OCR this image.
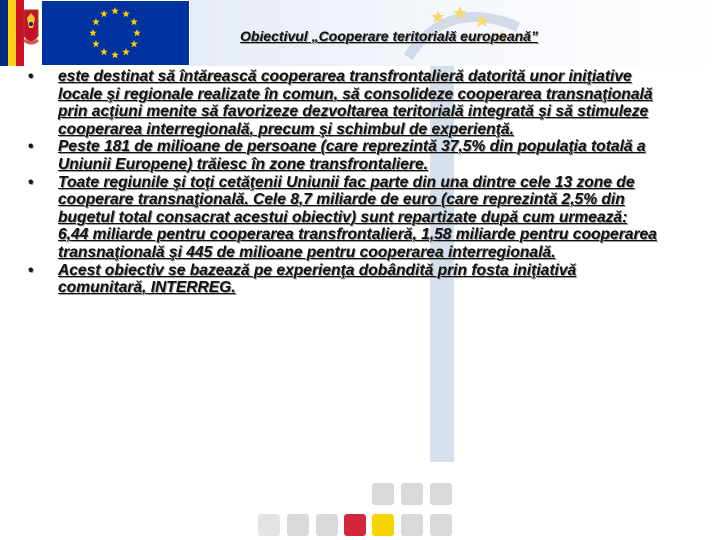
Obiectivul „Cooperare teritorială europeană”
• este destinat să întărească cooperarea transfrontalieră datorită unor iniţiative locale şi regionale realizate în comun, să consolideze cooperarea transnaţională prin acţiuni menite să favorizeze dezvoltarea teritorială integrată şi să stimuleze cooperarea interregională, precum şi schimbul de experienţă.
• Peste 181 de milioane de persoane (care reprezintă 37,5% din populaţia totală a Uniunii Europene) trăiesc în zone transfrontaliere.
• Toate regiunile şi toţi cetăţenii Uniunii fac parte din una dintre cele 13 zone de cooperare transnaţională. Cele 8,7 miliarde de euro (care reprezintă 2,5% din bugetul total consacrat acestui obiectiv) sunt repartizate după cum urmează: 6,44 miliarde pentru cooperarea transfrontalieră, 1,58 miliarde pentru cooperarea transnaţională şi 445 de milioane pentru cooperarea interregională.
• Acest obiectiv se bazează pe experienţa dobândită prin fosta iniţiativă comunitară, INTERREG.
